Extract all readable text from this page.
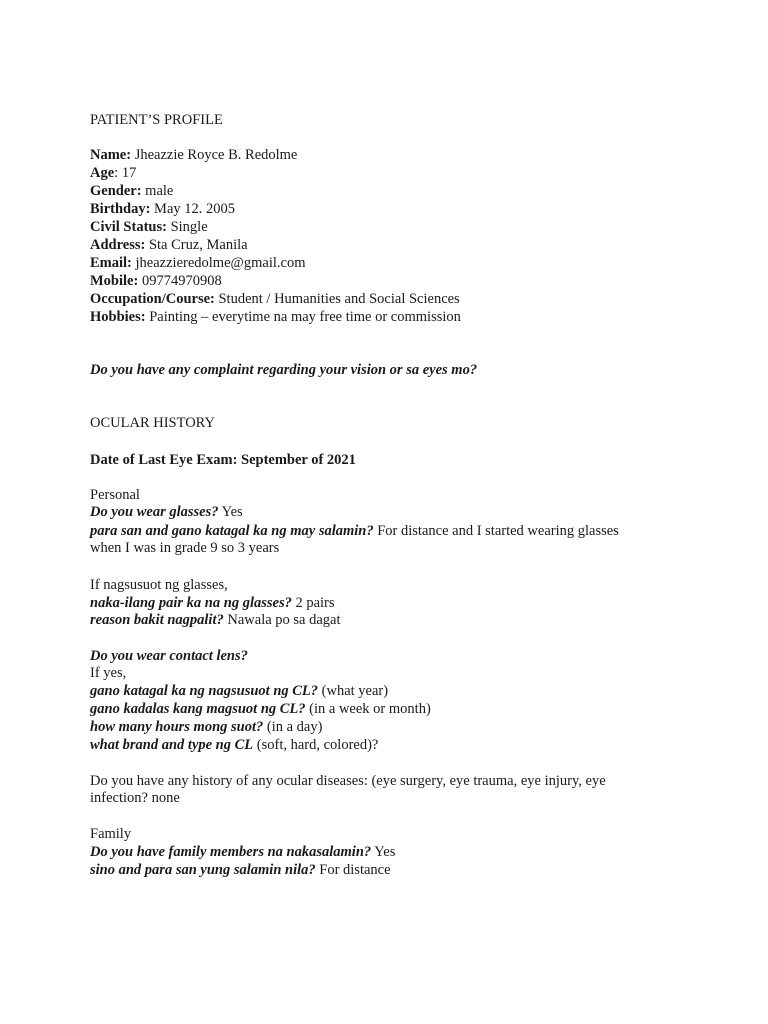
PATIENT’S PROFILE
Name: Jheazzie Royce B. Redolme
Age: 17
Gender: male
Birthday: May 12. 2005
Civil Status: Single
Address: Sta Cruz, Manila
Email: jheazzieredolme@gmail.com
Mobile: 09774970908
Occupation/Course: Student / Humanities and Social Sciences
Hobbies: Painting – everytime na may free time or commission
Do you have any complaint regarding your vision or sa eyes mo?
OCULAR HISTORY
Date of Last Eye Exam: September of 2021
Personal
Do you wear glasses? Yes
para san and gano katagal ka ng may salamin? For distance and I started wearing glasses
when I was in grade 9 so 3 years
If nagsusuot ng glasses,
naka-ilang pair ka na ng glasses? 2 pairs
reason bakit nagpalit? Nawala po sa dagat
Do you wear contact lens?
If yes,
gano katagal ka ng nagsusuot ng CL? (what year)
gano kadalas kang magsuot ng CL? (in a week or month)
how many hours mong suot? (in a day)
what brand and type ng CL (soft, hard, colored)?
Do you have any history of any ocular diseases: (eye surgery, eye trauma, eye injury, eye
infection? none
Family
Do you have family members na nakasalamin? Yes
sino and para san yung salamin nila? For distance
